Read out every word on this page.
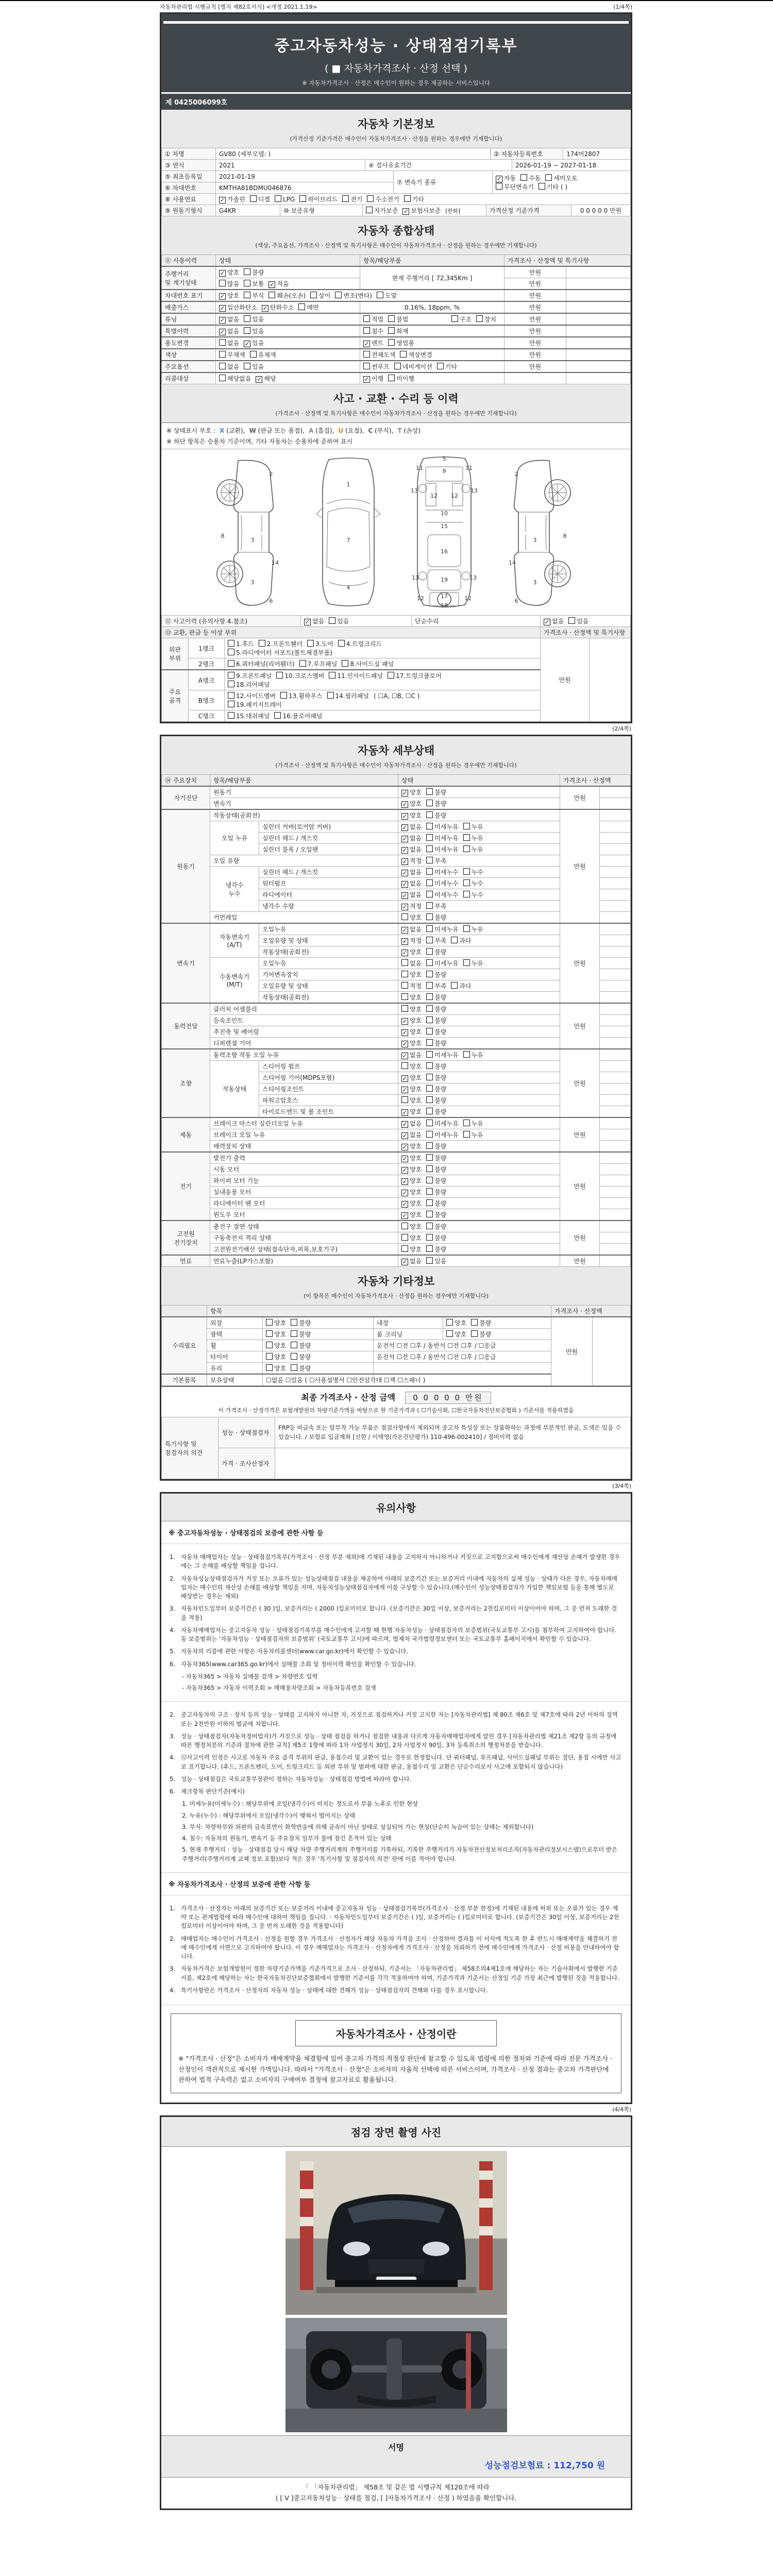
자동차관리법 시행규칙 [별지 제82호서식] <개정 2021.1.19>	(1/4쪽)
중고자동차성능 · 상태점검기록부
( ■ 자동차가격조사 · 산정 선택 )
※ 자동차가격조사 · 산정은 매수인이 원하는 경우 제공하는 서비스입니다
제 0425006099호
자동차 기본정보
(가격산정 기준가격은 매수인이 자동차가격조사 · 산정을 원하는 경우에만 기재합니다)
① 차명	GV80 (세부모델: )	② 자동차등록번호	174머2807
③ 연식	2021	④ 검사유효기간	2026-01-19 ~ 2027-01-18
⑤ 최초등록일	2021-01-19	⑦ 변속기 종류	✓ 자동 수동 세미오토
무단변속기 기타 ( )
⑥ 차대번호	KMTHA81BDMU046876		
⑧ 사용연료	✓ 가솔린 디젤 LPG 하이브리드 전기 수소전기 기타
⑨ 원동기형식	G4KR	⑩ 보증유형	자가보증 ✓ 보험사보증 [한화]	가격산정 기준가격	0 0 0 0 0 만원
자동차 종합상태
(색상, 주요옵션, 가격조사 · 산정액 및 특기사항은 매수인이 자동차가격조사 · 산정을 원하는 경우에만 기재합니다)
⑪ 사용이력	상태	항목/해당부품	가격조사 · 산정액 및 특기사항	
주행거리
및 계기상태	✓ 양호 불량	현재 주행거리 [ 72,345Km ]	만원	
	많음 보통 ✓ 적음		만원	
차대번호 표기	✓ 양호 부식 훼손(오손) 상이 변조(변타) 도말		만원	
배출가스	✓ 일산화탄소 ✓ 탄화수소 매연	0.16%, 18ppm, %	만원	
튜닝	✓ 없음 있음	적법 불법 구조 장치	만원	
특별이력	✓ 없음 있음	침수 화재	만원	
용도변경	없음 ✓ 있음	✓ 렌트 영업용	만원	
색상	무채색 유채색	전체도색 색상변경	만원	
주요옵션	없음 있음	썬루프 네비게이션 기타	만원	
리콜대상	해당없음 ✓ 해당	✓ 이행 미이행		

사고 · 교환 · 수리 등 이력
(가격조사 · 산정액 및 특기사항은 매수인이 자동차가격조사 · 산정을 원하는 경우에만 기재합니다)
※ 상태표시 부호 : X (교환), W (판금 또는 용접), A (흠집), U (요철), C (부식), T (손상)
※ 하단 항목은 승용차 기준이며, 기타 자동차는 승용차에 준하여 표시
2
8
3
14
3
6
1
7
4
5
9
11	11
13	13
12 12
10
15
16
19
13	13
12	17	12
18
2
8
3
14
3
6
⑫ 사고이력 (유의사항 4.참조)	✓ 없음 있음	단순수리	✓ 없음 있음
⑬ 교환, 판금 등 이상 부위	가격조사 · 산정액 및 특기사항
외판
부위	1랭크	1.후드 2.프론트휀더 3.도어 4.트렁크리드
5.라디에이터 서포트(볼트체결부품)	만원	
	2랭크	6.쿼터패널(리어휀더) 7.루프패널 8.사이드실 패널		
주요
골격	A랭크	9.프론트패널 10.크로스멤버 11.인사이드패널 17.트렁크플로어
18.리어패널		
	B랭크	12.사이드멤버 13.휠하우스 14.필러패널 ( ☐A, ☐B, ☐C )
19.패키지트레이		
	C랭크	15.대쉬패널 16.플로어패널		
(2/4쪽)
자동차 세부상태
(가격조사 · 산정액 및 특기사항은 매수인이 자동차가격조사 · 산정을 원하는 경우에만 기재합니다)
⑭ 주요장치	항목/해당부품		상태	가격조사 · 산정액	
자기진단	원동기		✓ 양호 불량	만원	
	변속기		✓ 양호 불량		
원동기	작동상태(공회전)		✓ 양호 불량	만원	
	오일 누유	실린더 커버(로커암 커버)	✓ 없음 미세누유 누유		
		실린더 헤드 / 개스킷	✓ 없음 미세누유 누유		
		실린더 블록 / 오일팬	✓ 없음 미세누유 누유		
	오일 유량		✓ 적정 부족		
	냉각수
누수	실린더 헤드 / 개스킷	✓ 없음 미세누수 누수		
		워터펌프	✓ 없음 미세누수 누수		
		라디에이터	✓ 없음 미세누수 누수		
		냉각수 수량	✓ 적정 부족		
	커먼레일		양호 불량		
변속기	자동변속기
(A/T)	오일누유	✓ 없음 미세누유 누유	만원	
		오일유량 및 상태	✓ 적정 부족 과다		
		작동상태(공회전)	✓ 양호 불량		
	수동변속기
(M/T)	오일누유	없음 미세누유 누유		
		기어변속장치	양호 불량		
		오일유량 및 상태	적정 부족 과다		
		작동상태(공회전)	양호 불량		
동력전달	클러치 어셈블리		양호 불량	만원	
	등속조인트		✓ 양호 불량		
	추진축 및 베어링		✓ 양호 불량		
	디퍼렌셜 기어		✓ 양호 불량		
조향	동력조향 작동 오일 누유		✓ 없음 미세누유 누유	만원	
	작동상태	스티어링 펌프	양호 불량		
		스티어링 기어(MDPS포함)	✓ 양호 불량		
		스티어링조인트	✓ 양호 불량		
		파워고압호스	양호 불량		
		타이로드엔드 및 볼 조인트	✓ 양호 불량		
제동	브레이크 마스터 실린더오일 누유		✓ 없음 미세누유 누유	만원	
	브레이크 오일 누유		✓ 없음 미세누유 누유		
	배력장치 상태		✓ 양호 불량		
전기	발전기 출력		✓ 양호 불량	만원	
	시동 모터		✓ 양호 불량		
	와이퍼 모터 기능		✓ 양호 불량		
	실내송풍 모터		✓ 양호 불량		
	라디에이터 팬 모터		✓ 양호 불량		
	윈도우 모터		✓ 양호 불량		
고전원
전기장치	충전구 절연 상태		양호 불량	만원	
	구동축전지 격리 상태		양호 불량		
	고전원전기배선 상태(접속단자,피복,보호기구)		양호 불량		
연료	연료누출(LP가스포함)		✓ 없음 있음	만원	
자동차 기타정보
(이 항목은 매수인이 자동차가격조사 · 산정을 원하는 경우에만 기재합니다)
	항목				가격조사 · 산정액	
수리필요	외장	양호 불량	내장	양호 불량	만원	
	광택	양호 불량	룸 크리닝	양호 불량		
	휠	양호 불량	운전석 ☐전 ☐후 / 동반석 ☐전 ☐후 / ☐응급			
	타이어	양호 불량	운전석 ☐전 ☐후 / 동반석 ☐전 ☐후 / ☐응급			
	유리	양호 불량				
기본품목	보유상태	☐없음 ☐있음 ( ☐사용설명서 ☐안전삼각대 ☐잭 ☐스패너 )				
최종 가격조사 · 산정 금액 0 0 0 0 0 만원
이 가격조사 · 산정가격은 보험개발원의 차량기준가액을 바탕으로 한 기준가격과 ( ☐기술사회, ☐한국자동차진단보증협회 ) 기준서를 적용하였음
특기사항 및
점검자의 의견	성능 · 상태점검자	FRP등 비금속 또는 탈부착 가능 부품은 점검사항에서 제외되며 중고차 특성상 또는 상품화하는 과정에 부분적인 판금, 도색은 있을 수 있습니다. / 보험료 입금계좌 [신한 / 이택영(가온진단평가) 110-496-002410] / 정비이력 없음
	가격 · 조사산정자	
(3/4쪽)
유의사항
※ 중고자동차성능 · 상태점검의 보증에 관한 사항 등
1. 자동차 매매업자는 성능 · 상태점검기록부(가격조사 · 산정 부분 제외)에 기재된 내용을 고지하지 아니하거나 거짓으로 고지함으로써 매수인에게 재산상 손해가 발생한 경우에는 그 손해를 배상할 책임을 집니다.
2. 자동차성능상태점검자가 거짓 또는 오류가 있는 성능상태점검 내용을 제공하여 아래의 보증기간 또는 보증거리 이내에 자동차의 실제 성능 · 상태가 다른 경우, 자동차매매업자는 매수인의 재산상 손해를 배상할 책임을 지며, 자동차성능상태점검자에게 이를 구상할 수 있습니다.(매수인이 성능상태점검자가 가입한 책임보험 등을 통해 별도로 배상받는 경우는 제외)
3. 자동차인도일부터 보증기간은 ( 30 )일, 보증거리는 ( 2000 )킬로미터로 합니다. (보증기간은 30일 이상, 보증거리는 2천킬로미터 이상이어야 하며, 그 중 먼저 도래한 것을 적용)
4. 자동차매매업자는 중고자동차 성능 · 상태점검기록부를 매수인에게 고지할 때 현행 자동차성능 · 상태점검자의 보증범위(국토교통부 고시)를 첨부하여 고지하여야 합니다. 동 보증범위는 '자동차성능 · 상태점검자의 보증범위' (국토교통부 고시)에 따르며, 법제처 국가법령정보센터 또는 국토교통부 홈페이지에서 확인할 수 있습니다.
5. 자동차의 리콜에 관한 사항은 자동차리콜센터(www.car.go.kr)에서 확인할 수 있습니다.
6. 자동차365(www.car365.go.kr)에서 실매물 조회 및 정비이력 확인을 확인할 수 있습니다.
- 자동차365 > 자동차 실매물 검색 > 차량번호 입력
- 자동차365 > 자동차 이력조회 > 매매용차량조회 > 자동차등록번호 검색
2. 중고자동차의 구조 · 장치 등의 성능 · 상태를 고지하지 아니한 자, 거짓으로 점검하거나 거짓 고지한 자는 [자동차관리법] 제 80조 제6호 및 제7호에 따라 2년 이하의 징역 또는 2천만원 이하의 벌금에 처합니다.
3. 성능 · 상태점검자(자동차정비업자)가 거짓으로 성능 · 상태 점검을 하거나 점검한 내용과 다르게 자동차매매업자에게 알린 경우 [자동차관리법 제21조 제2항 등의 규정에 따른 행정처분의 기준과 절차에 관한 규칙] 제5조 1항에 따라 1차 사업정지 30일, 2차 사업정지 90일, 3차 등록취소의 행정처분을 받습니다.
4. ⑫사고이력 인정은 사고로 자동차 주요 골격 부위의 판금, 용접수리 및 교환이 있는 경우로 한정합니다. 단 쿼터패널, 루프패널, 사이드실패널 부위는 절단, 용접 시에만 사고로 표기합니다. (후드, 프론트펜더, 도어, 트렁크리드 등 외판 부위 및 범퍼에 대한 판금, 용접수리 및 교환은 단순수리로서 사고에 포함되지 않습니다)
5. 성능 · 상태점검은 국토교통부장관이 정하는 자동차성능 · 상태점검 방법에 따라야 합니다.
6. 체크항목 판단기준(예시)
1. 미세누유(미세누수) : 해당부위에 오일(냉각수)이 비치는 정도로서 부품 노후로 인한 현상
2. 누유(누수) : 해당부위에서 오일(냉각수)이 맺혀서 떨어지는 상태
3. 부식: 차량하부와 외판의 금속표면이 화학반응에 의해 금속이 아닌 상태로 상실되어 가는 현상(단순히 녹슬어 있는 상태는 제외합니다)
4. 침수: 자동차의 원동기, 변속기 등 주요장치 일부가 물에 잠긴 흔적이 있는 상태
5. 현재 주행거리 : 성능 · 상태점검 당시 해당 차량 주행거리계의 주행거리를 기록하되, 기록한 주행거리가 자동차전산정보처리조직(자동차관리정보시스템)으로부터 받은 주행거리(주행거리계 교체 정보 포함)보다 적은 경우 '특기사항 및 점검자의 의견' 란에 이를 적어야 합니다.
※ 자동차가격조사 · 산정의 보증에 관한 사항 등
1. 가격조사 · 산정자는 아래의 보증기간 또는 보증거리 이내에 중고자동차 성능 · 상태점검기록부(가격조사 · 산정 부분 한정)에 기재된 내용에 허위 또는 오류가 있는 경우 계약 또는 관계법령에 따라 매수인에 대하여 책임을 집니다. · 자동차인도일부터 보증기간은 ( )일, 보증거리는 ( )킬로미터로 합니다. (보증기간은 30일 이상, 보증거리는 2천킬로미터 이상이어야 하며, 그 중 먼저 도래한 것을 적용합니다)
2. 매매업자는 매수인이 가격조사 · 산정을 원할 경우 가격조사 · 산정자가 해당 자동차 가격을 조사 · 산정하여 결과를 이 서식에 적도록 한 후 반드시 매매계약을 체결하기 전에 매수인에게 서면으로 고지하여야 합니다. 이 경우 매매업자는 가격조사 · 산정자에게 가격조사 · 산정을 의뢰하기 전에 매수인에게 가격조사 · 산정 비용을 안내하여야 합니다.
3. 자동차가격은 보험개발원이 정한 차량기준가액을 기준가격으로 조사 · 산정하되, 기준서는 「자동차관리법」 제58조의4제1호에 해당하는 자는 기술사회에서 발행한 기준서를, 제2호에 해당하는 자는 한국자동차진단보증협회에서 발행한 기준서를 각각 적용하여야 하며, 기준가격과 기준서는 산정일 기준 가장 최근에 발행된 것을 적용합니다.
4. 특기사항란은 가격조사 · 산정자의 자동차 성능 · 상태에 대한 견해가 성능 · 상태점검자의 견해와 다를 경우 표시합니다.
자동차가격조사 · 산정이란
※ "가격조사 · 산정"은 소비자가 매매계약을 체결함에 있어 중고차 가격의 적절성 판단에 참고할 수 있도록 법령에 의한 절차와 기준에 따라 전문 가격조사 · 산정인이 객관적으로 제시한 가액입니다. 따라서 "가격조사 · 산정"은 소비자의 자율적 선택에 따른 서비스이며, 가격조사 · 산정 결과는 중고차 가격판단에 관하여 법적 구속력은 없고 소비자의 구매여부 결정에 참고자료로 활용됩니다.
(4/4쪽)
점검 장면 촬영 사진
서명
성능점검보험료 : 112,750 원
「 「자동차관리법」 제58조 및 같은 법 시행규칙 제120조에 따라
( [ V ]중고자동차성능 · 상태를 점검, [ ]자동차가격조사 · 산정 ) 하였음을 확인합니다.
